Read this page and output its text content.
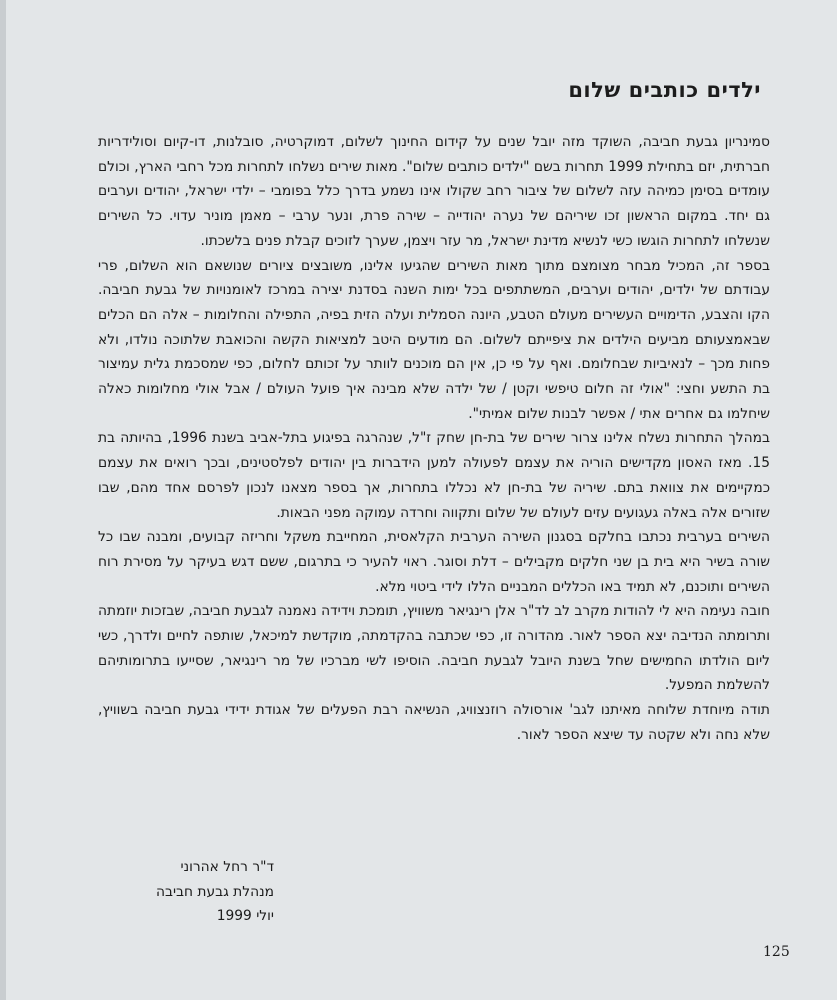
ילדים כותבים שלום

סמינריון גבעת חביבה, השוקד מזה יובל שנים על קידום החינוך לשלום, דמוקרטיה, סובלנות, דו-קיום וסולידריות חברתית, יזם בתחילת 1999 תחרות בשם "ילדים כותבים שלום". מאות שירים נשלחו לתחרות מכל רחבי הארץ, וכולם עומדים בסימן כמיהה עזה לשלום של ציבור רחב שקולו אינו נשמע בדרך כלל בפומבי – ילדי ישראל, יהודים וערבים גם יחד. במקום הראשון זכו שיריהם של נערה יהודייה – שירה פרת, ונער ערבי – מאמן מוניר עדוי. כל השירים שנשלחו לתחרות הוגשו כשי לנשיא מדינת ישראל, מר עזר ויצמן, שערך לזוכים קבלת פנים בלשכתו.

בספר זה, המכיל מבחר מצומצם מתוך מאות השירים שהגיעו אלינו, משובצים ציורים שנושאם הוא השלום, פרי עבודתם של ילדים, יהודים וערבים, המשתתפים בכל ימות השנה בסדנת יצירה במרכז לאומנויות של גבעת חביבה. הקו והצבע, הדימויים העשירים מעולם הטבע, היונה הסמלית ועלה הזית בפיה, התפילה והחלומות – אלה הם הכלים שבאמצעותם מביעים הילדים את ציפייתם לשלום. הם מודעים היטב למציאות הקשה והכואבת שלתוכה נולדו, ולא פחות מכך – לנאיביות שבחלומם. ואף על פי כן, אין הם מוכנים לוותר על זכותם לחלום, כפי שמסכמת גלית עמיצור בת התשע וחצי: "אולי זה חלום טיפשי וקטן / של ילדה שלא מבינה איך פועל העולם / אבל אולי מחלומות כאלה שיחלמו גם אחרים אתי / אפשר לבנות שלום אמיתי".

במהלך התחרות נשלח אלינו צרור שירים של בת-חן שחק ז"ל, שנהרגה בפיגוע בתל-אביב בשנת 1996, בהיותה בת 15. מאז האסון מקדישים הוריה את עצמם לפעולה למען הידברות בין יהודים לפלסטינים, ובכך רואים את עצמם כמקיימים את צוואת בתם. שיריה של בת-חן לא נכללו בתחרות, אך בספר מצאנו לנכון לפרסם אחד מהם, שבו שזורים אלה באלה געגועים עזים לעולם של שלום ותקווה וחרדה עמוקה מפני הבאות.

השירים בערבית נכתבו בחלקם בסגנון השירה הערבית הקלאסית, המחייבת משקל וחריזה קבועים, ומבנה שבו כל שורה בשיר היא בית בן שני חלקים מקבילים – דלת וסוגר. ראוי להעיר כי בתרגום, ששם דגש בעיקר על מסירת רוח השירים ותוכנם, לא תמיד באו הכללים המבניים הללו לידי ביטוי מלא.

חובה נעימה היא לי להודות מקרב לב לד"ר אלן רינגיאר משוויץ, תומכת וידידה נאמנה לגבעת חביבה, שבזכות יוזמתה ותרומתה הנדיבה יצא הספר לאור. מהדורה זו, כפי שכתבה בהקדמתה, מוקדשת למיכאל, שותפה לחיים ולדרך, כשי ליום הולדתו החמישים שחל בשנת היובל לגבעת חביבה. הוסיפו לשי מברכיו של מר רינגיאר, שסייעו בתרומותיהם להשלמת המפעל.

תודה מיוחדת שלוחה מאיתנו לגב' אורסולה רוזנצוויג, הנשיאה רבת הפעלים של אגודת ידידי גבעת חביבה בשוויץ, שלא נחה ולא שקטה עד שיצא הספר לאור.

ד"ר רחל אהרוני
מנהלת גבעת חביבה
יולי 1999
125
